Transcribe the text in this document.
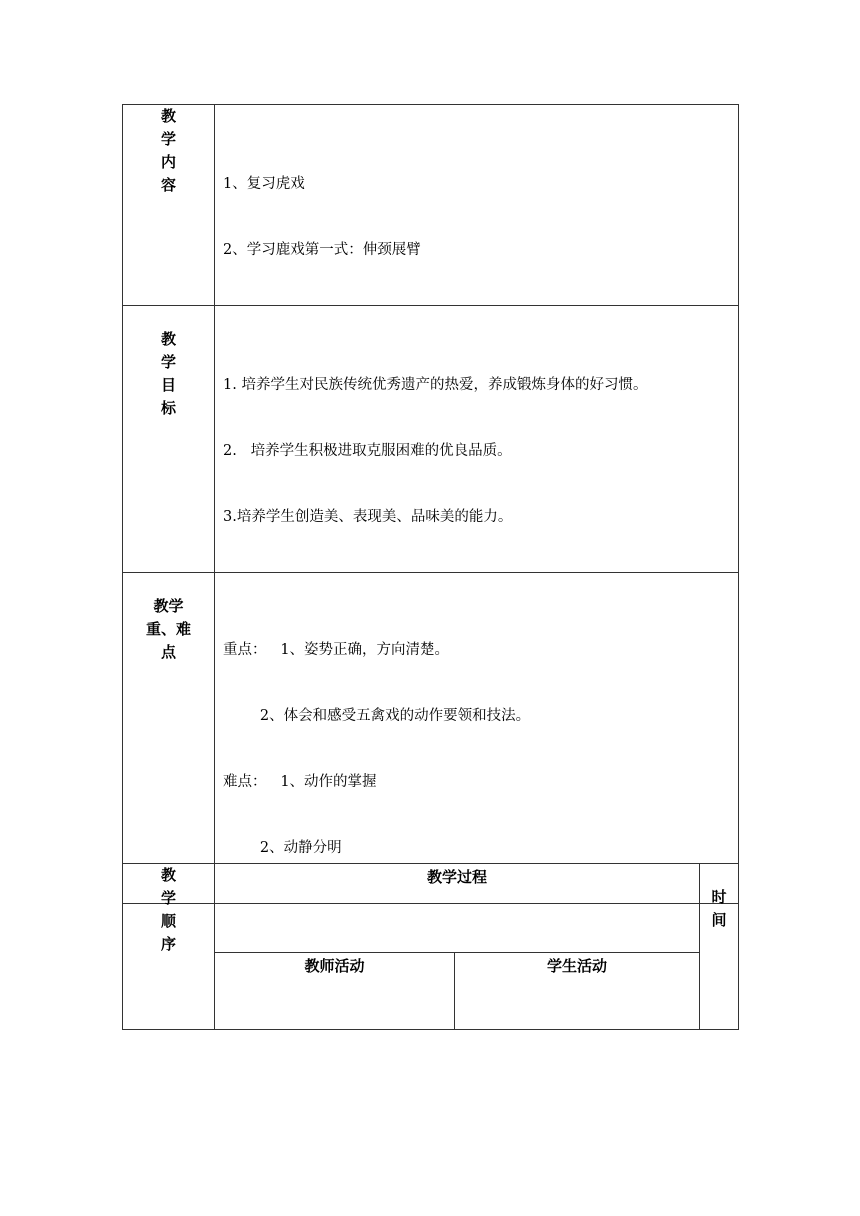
教
学
内
容	1、复习虎戏

2、学习鹿戏第一式：伸颈展臂

教
学
目
标	1. 培养学生对民族传统优秀遗产的热爱，养成锻炼身体的好习惯。

2.   培养学生积极进取克服困难的优良品质。

3.培养学生创造美、表现美、品味美的能力。

教学
重、难
点	重点：   1、姿势正确，方向清楚。

2、体会和感受五禽戏的动作要领和技法。

难点：   1、动作的掌握

2、动静分明

教
学
顺
序	教学过程		时
间

	教师活动	学生活动	
